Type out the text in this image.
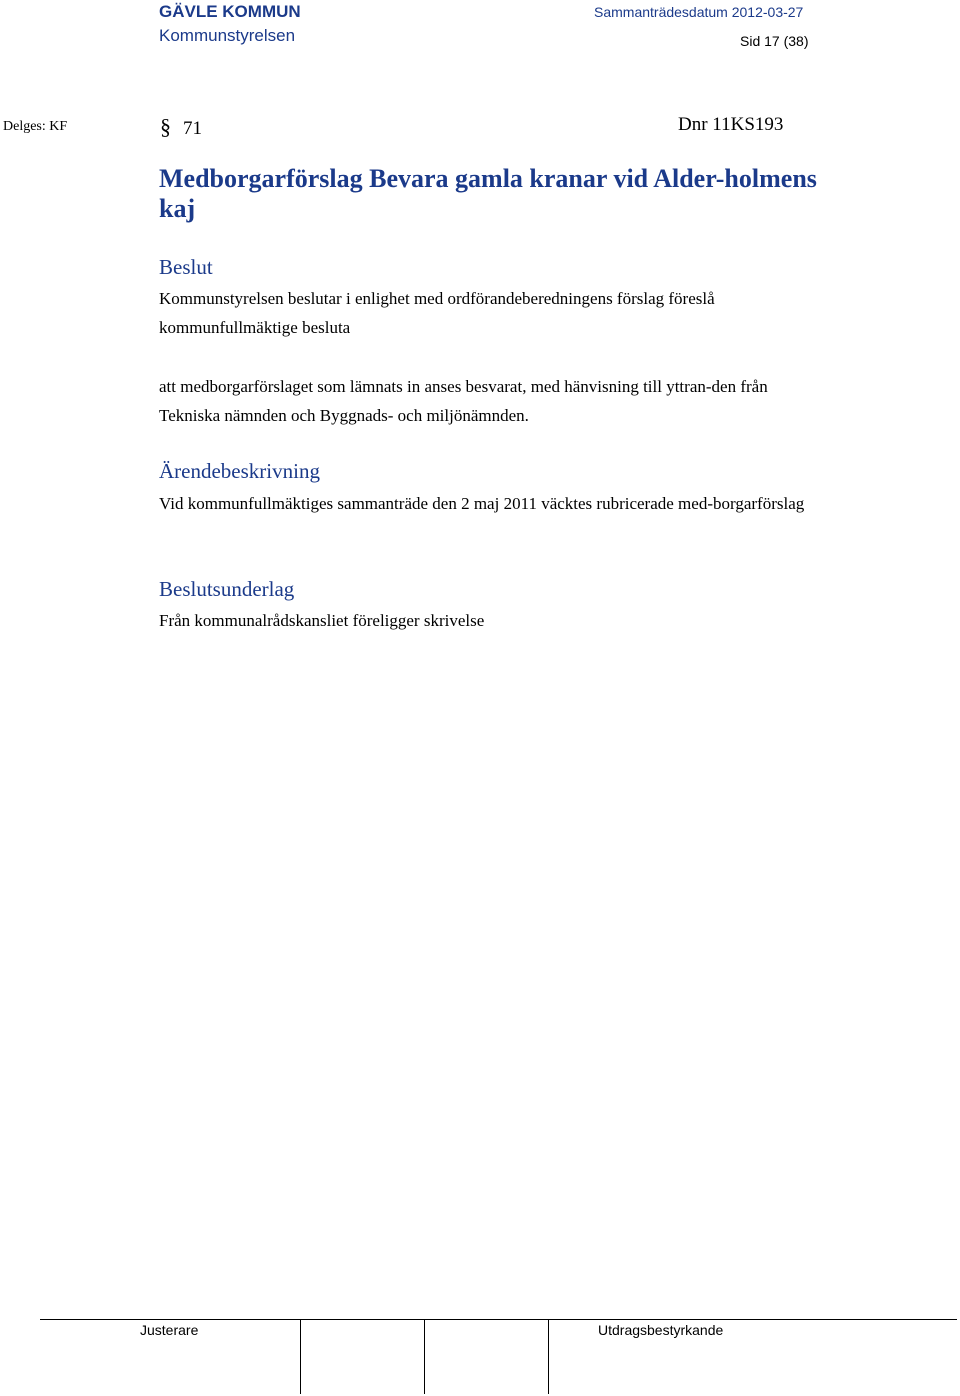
GÄVLE KOMMUN
Kommunstyrelsen
Sammanträdesdatum 2012-03-27
Sid 17 (38)
Delges: KF	§ 71	Dnr 11KS193
Medborgarförslag Bevara gamla kranar vid Alder-holmens kaj
Beslut
Kommunstyrelsen beslutar i enlighet med ordförandeberedningens förslag föreslå kommunfullmäktige besluta
att medborgarförslaget som lämnats in anses besvarat, med hänvisning till yttran-den från Tekniska nämnden och Byggnads- och miljönämnden.
Ärendebeskrivning
Vid kommunfullmäktiges sammanträde den 2 maj 2011 väcktes rubricerade med-borgarförslag
Beslutsunderlag
Från kommunalrådskansliet föreligger skrivelse
Justerare	Utdragsbestyrkande
